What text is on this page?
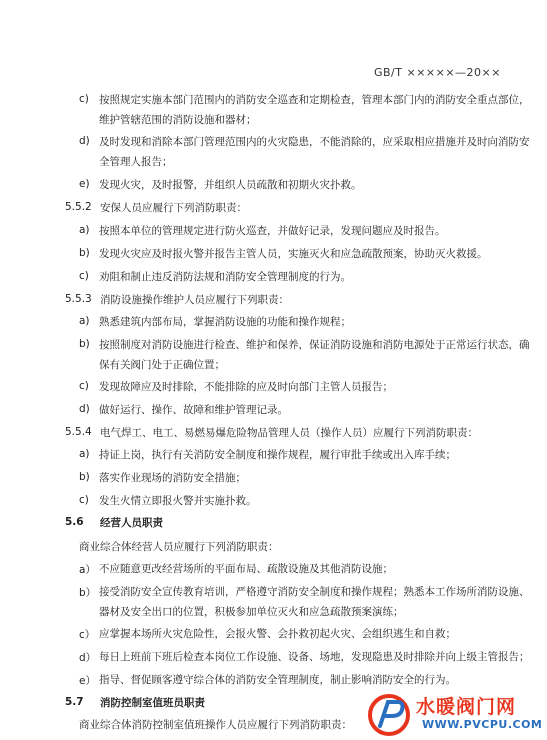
GB/T ×××××—20××
c) 按照规定实施本部门范围内的消防安全巡查和定期检查，管理本部门内的消防安全重点部位，
维护管辖范围的消防设施和器材；
d) 及时发现和消除本部门管理范围内的火灾隐患，不能消除的，应采取相应措施并及时向消防安
全管理人报告；
e) 发现火灾，及时报警，并组织人员疏散和初期火灾扑救。
5.5.2 安保人员应履行下列消防职责：
a) 按照本单位的管理规定进行防火巡查，并做好记录，发现问题应及时报告。
b) 发现火灾应及时报火警并报告主管人员，实施灭火和应急疏散预案，协助灭火救援。
c) 劝阻和制止违反消防法规和消防安全管理制度的行为。
5.5.3 消防设施操作维护人员应履行下列职责：
a) 熟悉建筑内部布局，掌握消防设施的功能和操作规程；
b) 按照制度对消防设施进行检查、维护和保养，保证消防设施和消防电源处于正常运行状态，确
保有关阀门处于正确位置；
c) 发现故障应及时排除，不能排除的应及时向部门主管人员报告；
d) 做好运行、操作、故障和维护管理记录。
5.5.4 电气焊工、电工、易燃易爆危险物品管理人员（操作人员）应履行下列消防职责：
a) 持证上岗，执行有关消防安全制度和操作规程，履行审批手续或出入库手续；
b) 落实作业现场的消防安全措施；
c) 发生火情立即报火警并实施扑救。
5.6 经营人员职责
商业综合体经营人员应履行下列消防职责：
a） 不应随意更改经营场所的平面布局、疏散设施及其他消防设施；
b） 接受消防安全宣传教育培训，严格遵守消防安全制度和操作规程；熟悉本工作场所消防设施、
器材及安全出口的位置，积极参加单位灭火和应急疏散预案演练；
c） 应掌握本场所火灾危险性，会报火警、会扑救初起火灾、会组织逃生和自救；
d） 每日上班前下班后检查本岗位工作设施、设备、场地，发现隐患及时排除并向上级主管报告；
e） 指导、督促顾客遵守综合体的消防安全管理制度，制止影响消防安全的行为。
5.7 消防控制室值班员职责
商业综合体消防控制室值班操作人员应履行下列消防职责：
水暖阀门网
WWW.PVCPU.COM
